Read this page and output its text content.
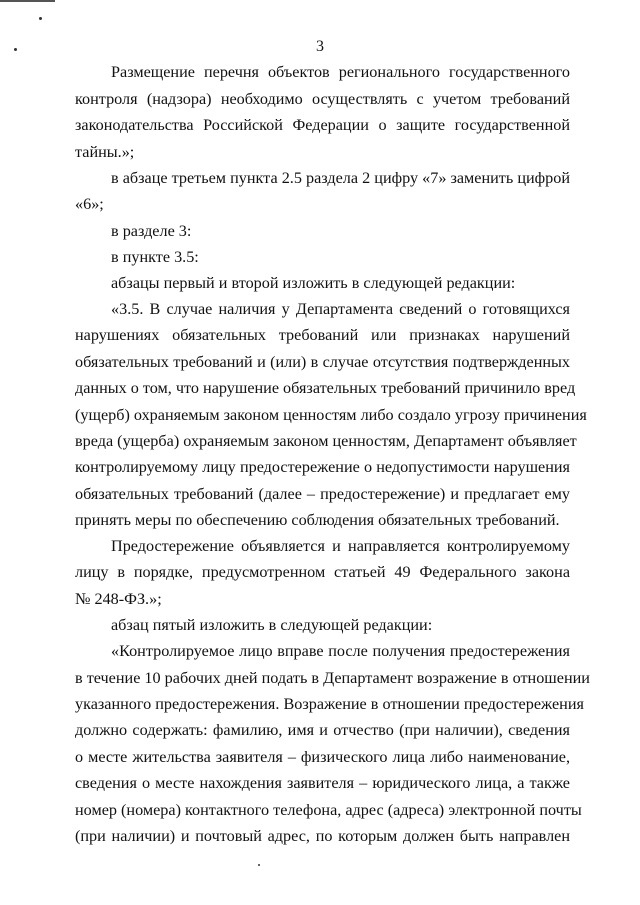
3
Размещение перечня объектов регионального государственного
контроля (надзора) необходимо осуществлять с учетом требований
законодательства Российской Федерации о защите государственной
тайны.»;
в абзаце третьем пункта 2.5 раздела 2 цифру «7» заменить цифрой
«6»;
в разделе 3:
в пункте 3.5:
абзацы первый и второй изложить в следующей редакции:
«3.5. В случае наличия у Департамента сведений о готовящихся
нарушениях обязательных требований или признаках нарушений
обязательных требований и (или) в случае отсутствия подтвержденных
данных о том, что нарушение обязательных требований причинило вред
(ущерб) охраняемым законом ценностям либо создало угрозу причинения
вреда (ущерба) охраняемым законом ценностям, Департамент объявляет
контролируемому лицу предостережение о недопустимости нарушения
обязательных требований (далее – предостережение) и предлагает ему
принять меры по обеспечению соблюдения обязательных требований.
Предостережение объявляется и направляется контролируемому
лицу в порядке, предусмотренном статьей 49 Федерального закона
№ 248-ФЗ.»;
абзац пятый изложить в следующей редакции:
«Контролируемое лицо вправе после получения предостережения
в течение 10 рабочих дней подать в Департамент возражение в отношении
указанного предостережения. Возражение в отношении предостережения
должно содержать: фамилию, имя и отчество (при наличии), сведения
о месте жительства заявителя – физического лица либо наименование,
сведения о месте нахождения заявителя – юридического лица, а также
номер (номера) контактного телефона, адрес (адреса) электронной почты
(при наличии) и почтовый адрес, по которым должен быть направлен
